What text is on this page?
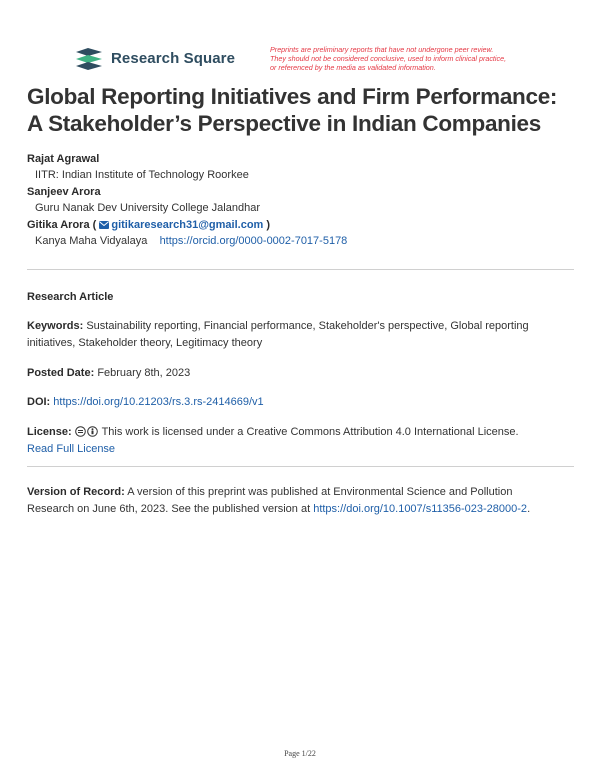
Research Square	Preprints are preliminary reports that have not undergone peer review.
They should not be considered conclusive, used to inform clinical practice,
or referenced by the media as validated information.
Global Reporting Initiatives and Firm Performance:
A Stakeholder’s Perspective in Indian Companies
Rajat Agrawal
IITR: Indian Institute of Technology Roorkee
Sanjeev Arora
Guru Nanak Dev University College Jalandhar
Gitika Arora ( gitikaresearch31@gmail.com )
Kanya Maha Vidyalaya https://orcid.org/0000-0002-7017-5178
Research Article
Keywords: Sustainability reporting, Financial performance, Stakeholder's perspective, Global reporting
initiatives, Stakeholder theory, Legitimacy theory
Posted Date: February 8th, 2023
DOI: https://doi.org/10.21203/rs.3.rs-2414669/v1
License:	This work is licensed under a Creative Commons Attribution 4.0 International License.
Read Full License
Version of Record: A version of this preprint was published at Environmental Science and Pollution
Research on June 6th, 2023. See the published version at https://doi.org/10.1007/s11356-023-28000-2.
Page 1/22
